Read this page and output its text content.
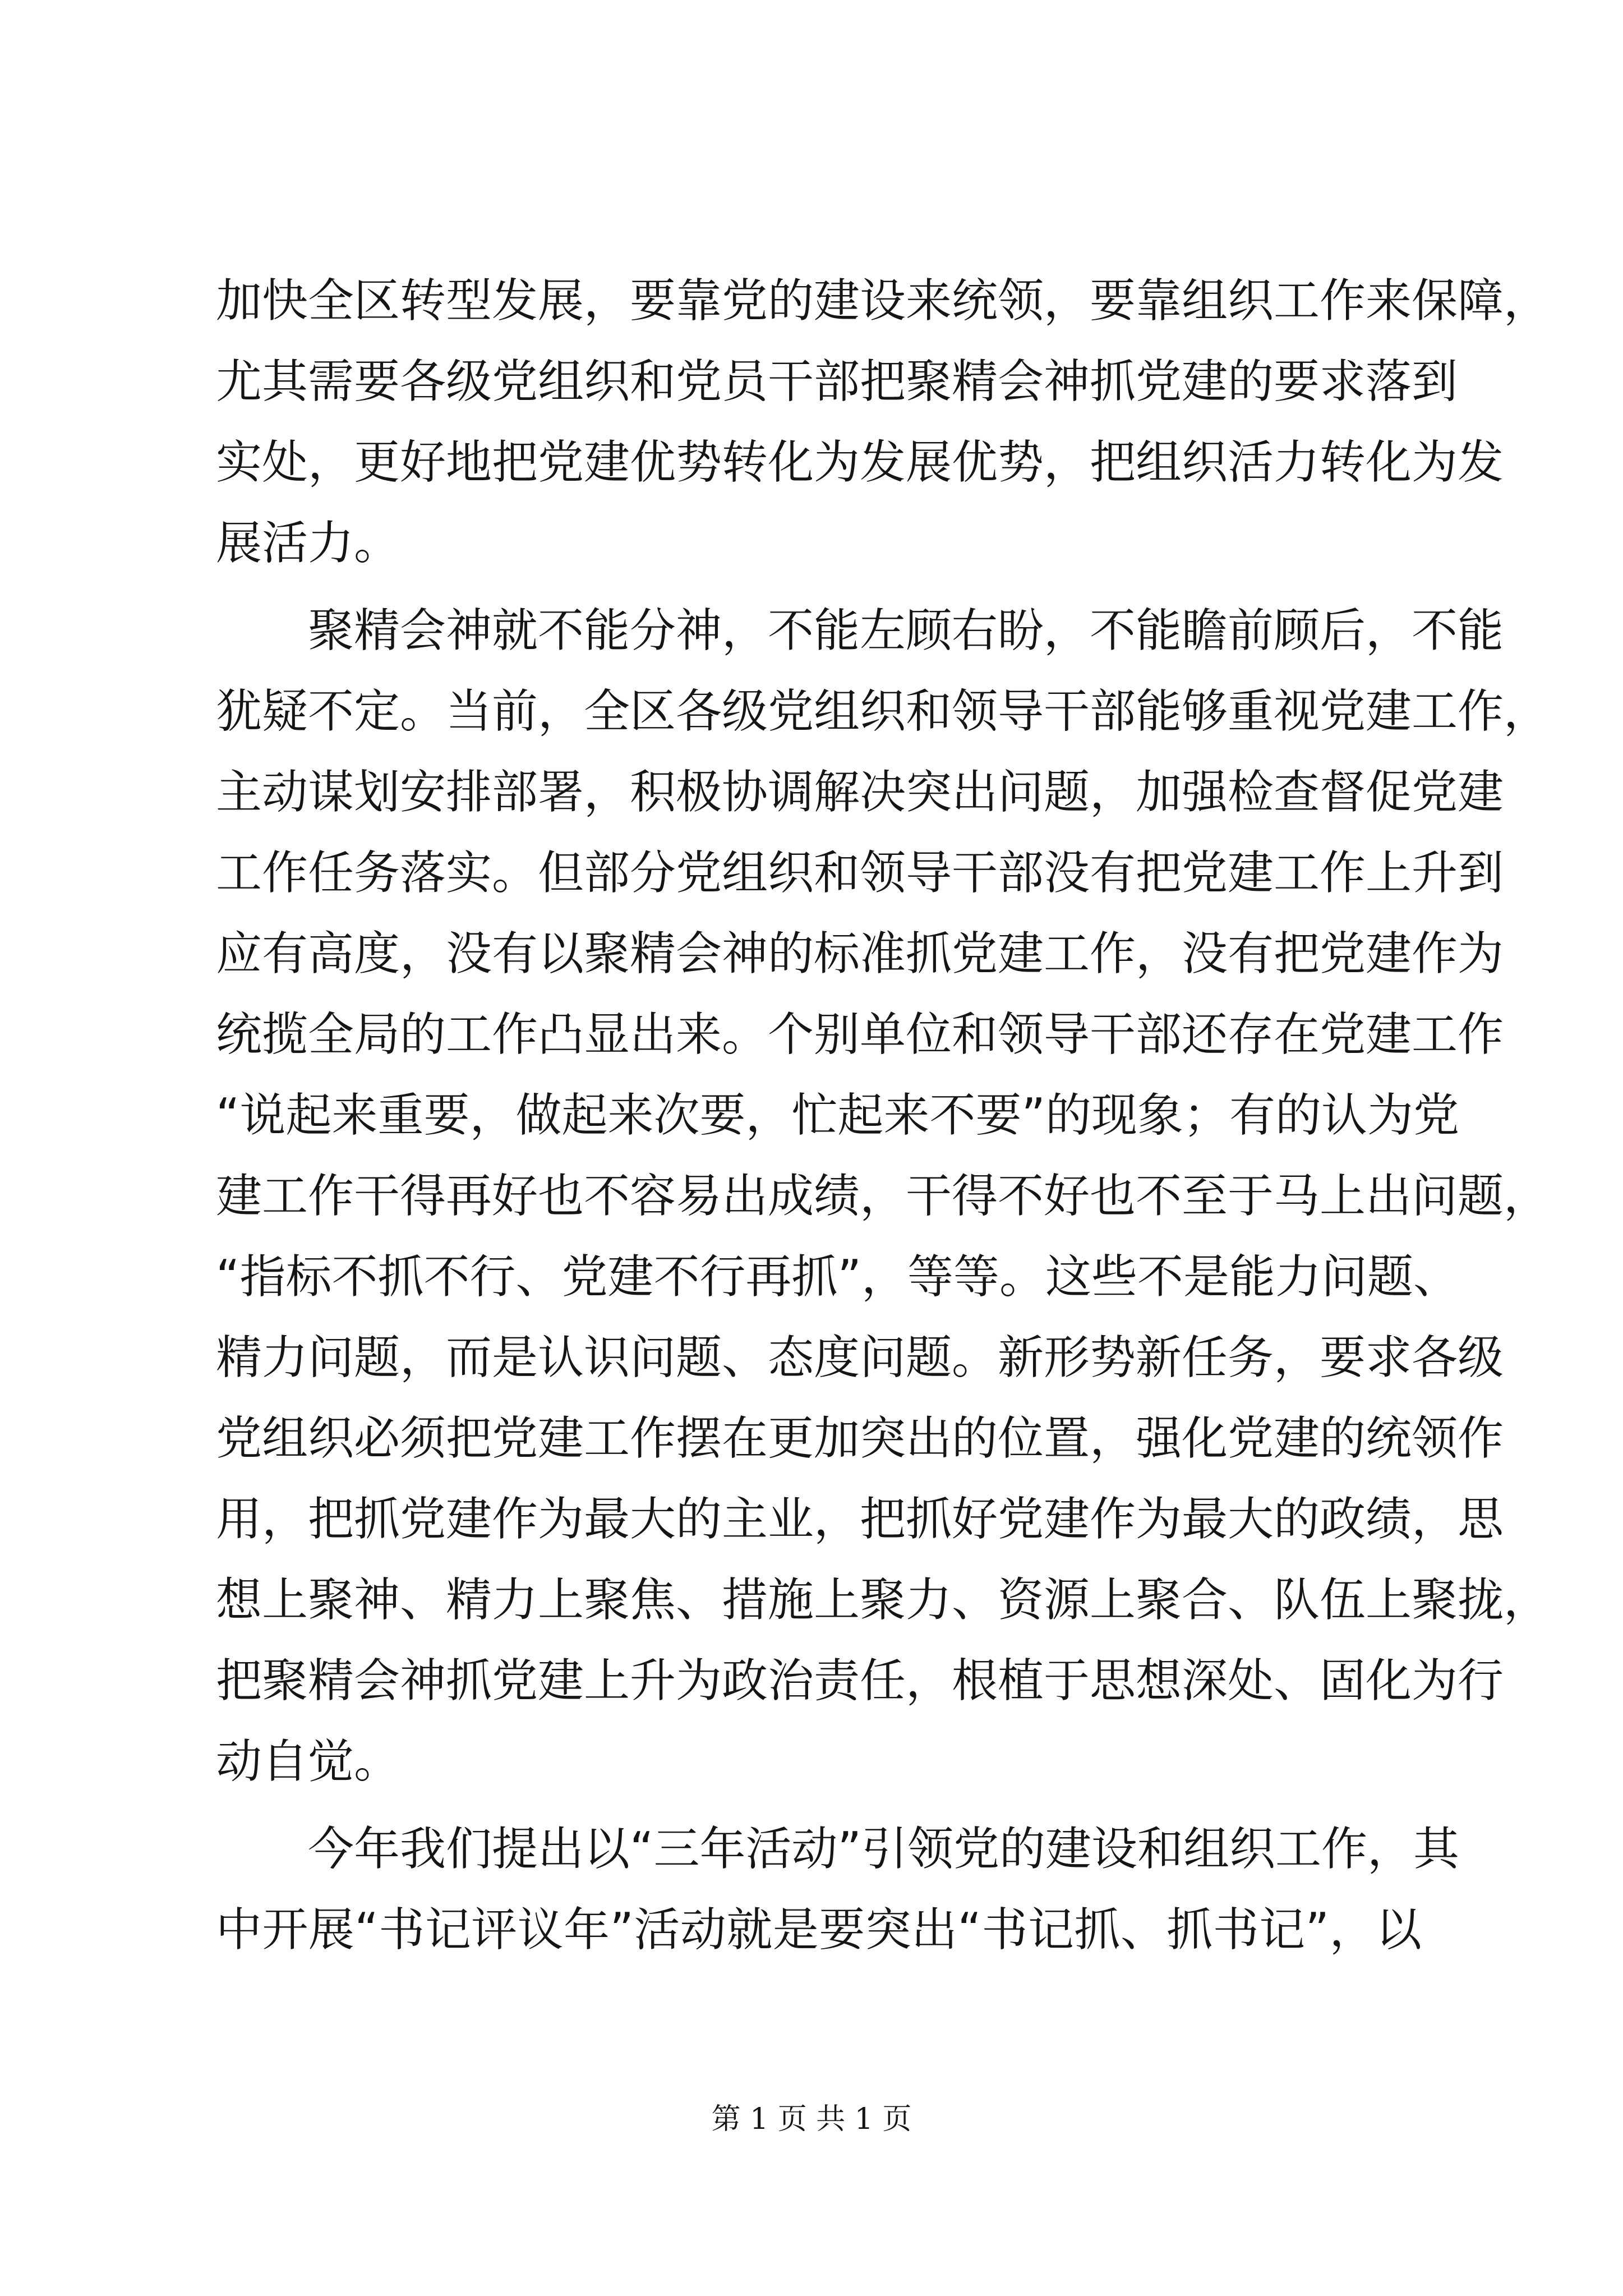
加快全区转型发展，要靠党的建设来统领，要靠组织工作来保障，
尤其需要各级党组织和党员干部把聚精会神抓党建的要求落到
实处，更好地把党建优势转化为发展优势，把组织活力转化为发
展活力。
　　聚精会神就不能分神，不能左顾右盼，不能瞻前顾后，不能
犹疑不定。当前，全区各级党组织和领导干部能够重视党建工作，
主动谋划安排部署，积极协调解决突出问题，加强检查督促党建
工作任务落实。但部分党组织和领导干部没有把党建工作上升到
应有高度，没有以聚精会神的标准抓党建工作，没有把党建作为
统揽全局的工作凸显出来。个别单位和领导干部还存在党建工作
“说起来重要，做起来次要，忙起来不要”的现象；有的认为党
建工作干得再好也不容易出成绩，干得不好也不至于马上出问题，
“指标不抓不行、党建不行再抓”，等等。这些不是能力问题、
精力问题，而是认识问题、态度问题。新形势新任务，要求各级
党组织必须把党建工作摆在更加突出的位置，强化党建的统领作
用，把抓党建作为最大的主业，把抓好党建作为最大的政绩，思
想上聚神、精力上聚焦、措施上聚力、资源上聚合、队伍上聚拢，
把聚精会神抓党建上升为政治责任，根植于思想深处、固化为行
动自觉。
　　今年我们提出以“三年活动”引领党的建设和组织工作，其
中开展“书记评议年”活动就是要突出“书记抓、抓书记”，以
第 1 页 共 1 页
